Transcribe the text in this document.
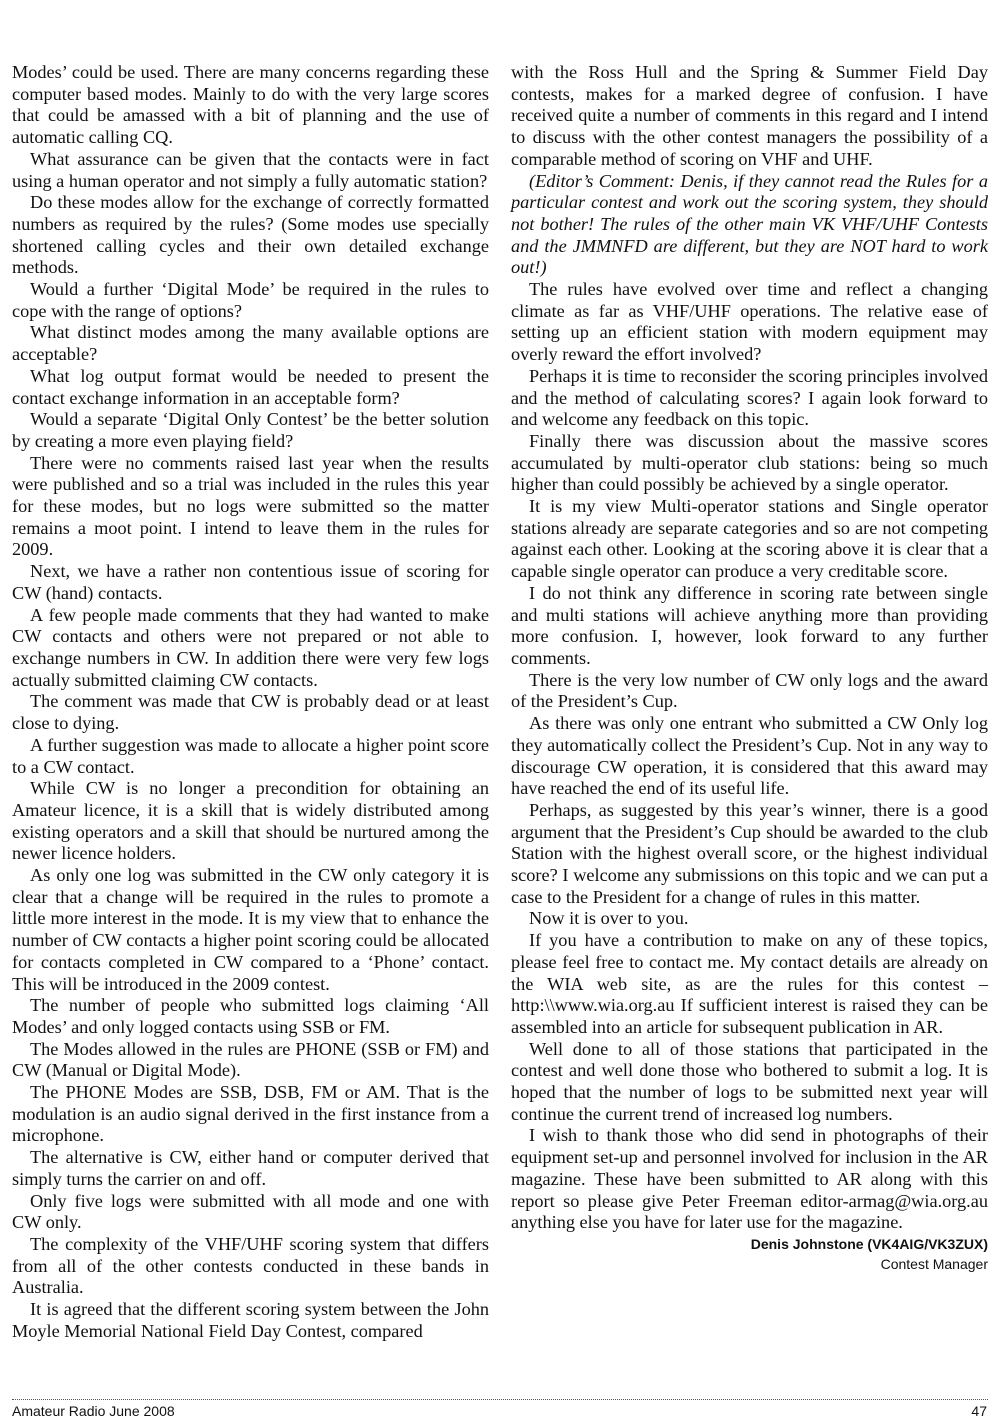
Modes’ could be used. There are many concerns regarding these computer based modes. Mainly to do with the very large scores that could be amassed with a bit of planning and the use of automatic calling CQ.

What assurance can be given that the contacts were in fact using a human operator and not simply a fully automatic station?

Do these modes allow for the exchange of correctly formatted numbers as required by the rules? (Some modes use specially shortened calling cycles and their own detailed exchange methods.

Would a further ‘Digital Mode’ be required in the rules to cope with the range of options?

What distinct modes among the many available options are acceptable?

What log output format would be needed to present the contact exchange information in an acceptable form?

Would a separate ‘Digital Only Contest’ be the better solution by creating a more even playing field?

There were no comments raised last year when the results were published and so a trial was included in the rules this year for these modes, but no logs were submitted so the matter remains a moot point. I intend to leave them in the rules for 2009.

Next, we have a rather non contentious issue of scoring for CW (hand) contacts.

A few people made comments that they had wanted to make CW contacts and others were not prepared or not able to exchange numbers in CW. In addition there were very few logs actually submitted claiming CW contacts.

The comment was made that CW is probably dead or at least close to dying.

A further suggestion was made to allocate a higher point score to a CW contact.

While CW is no longer a precondition for obtaining an Amateur licence, it is a skill that is widely distributed among existing operators and a skill that should be nurtured among the newer licence holders.

As only one log was submitted in the CW only category it is clear that a change will be required in the rules to promote a little more interest in the mode. It is my view that to enhance the number of CW contacts a higher point scoring could be allocated for contacts completed in CW compared to a ‘Phone’ contact. This will be introduced in the 2009 contest.

The number of people who submitted logs claiming ‘All Modes’ and only logged contacts using SSB or FM.

The Modes allowed in the rules are PHONE (SSB or FM) and CW (Manual or Digital Mode).

The PHONE Modes are SSB, DSB, FM or AM. That is the modulation is an audio signal derived in the first instance from a microphone.

The alternative is CW, either hand or computer derived that simply turns the carrier on and off.

Only five logs were submitted with all mode and one with CW only.

The complexity of the VHF/UHF scoring system that differs from all of the other contests conducted in these bands in Australia.

It is agreed that the different scoring system between the John Moyle Memorial National Field Day Contest, compared

with the Ross Hull and the Spring & Summer Field Day contests, makes for a marked degree of confusion. I have received quite a number of comments in this regard and I intend to discuss with the other contest managers the possibility of a comparable method of scoring on VHF and UHF.

(Editor’s Comment: Denis, if they cannot read the Rules for a particular contest and work out the scoring system, they should not bother! The rules of the other main VK VHF/UHF Contests and the JMMNFD are different, but they are NOT hard to work out!)

The rules have evolved over time and reflect a changing climate as far as VHF/UHF operations. The relative ease of setting up an efficient station with modern equipment may overly reward the effort involved?

Perhaps it is time to reconsider the scoring principles involved and the method of calculating scores? I again look forward to and welcome any feedback on this topic.

Finally there was discussion about the massive scores accumulated by multi-operator club stations: being so much higher than could possibly be achieved by a single operator.

It is my view Multi-operator stations and Single operator stations already are separate categories and so are not competing against each other. Looking at the scoring above it is clear that a capable single operator can produce a very creditable score.

I do not think any difference in scoring rate between single and multi stations will achieve anything more than providing more confusion. I, however, look forward to any further comments.

There is the very low number of CW only logs and the award of the President’s Cup.

As there was only one entrant who submitted a CW Only log they automatically collect the President’s Cup. Not in any way to discourage CW operation, it is considered that this award may have reached the end of its useful life.

Perhaps, as suggested by this year’s winner, there is a good argument that the President’s Cup should be awarded to the club Station with the highest overall score, or the highest individual score? I welcome any submissions on this topic and we can put a case to the President for a change of rules in this matter.

Now it is over to you.

If you have a contribution to make on any of these topics, please feel free to contact me. My contact details are already on the WIA web site, as are the rules for this contest – http:\\www.wia.org.au If sufficient interest is raised they can be assembled into an article for subsequent publication in AR.

Well done to all of those stations that participated in the contest and well done those who bothered to submit a log. It is hoped that the number of logs to be submitted next year will continue the current trend of increased log numbers.

I wish to thank those who did send in photographs of their equipment set-up and personnel involved for inclusion in the AR magazine. These have been submitted to AR along with this report so please give Peter Freeman editor-armag@wia.org.au anything else you have for later use for the magazine.

Denis Johnstone (VK4AIG/VK3ZUX)

Contest Manager

Amateur Radio June 2008	47
